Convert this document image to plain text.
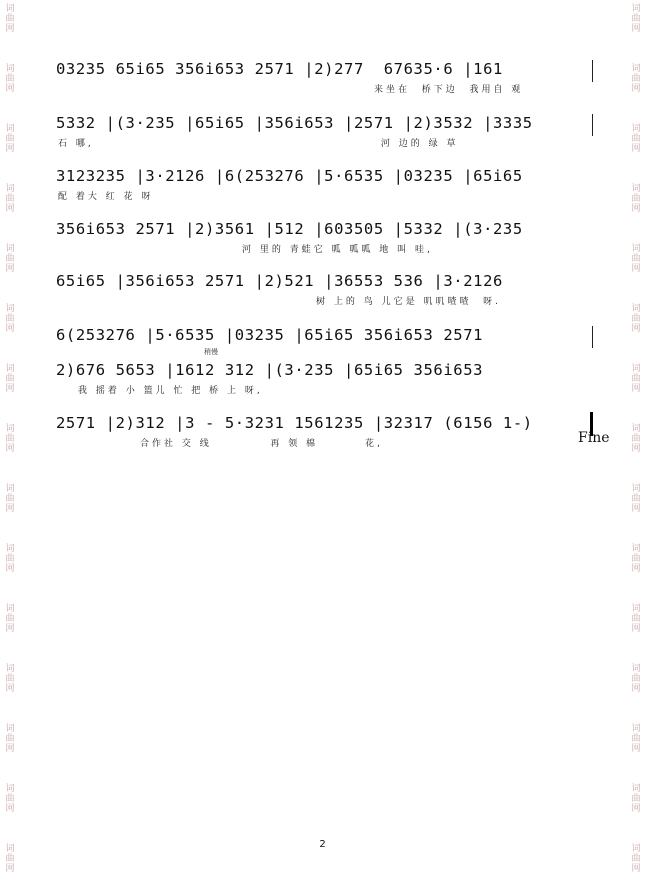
词
曲
网
词
曲
网
词
曲
网
词
曲
网
词
曲
网
词
曲
网
词
曲
网
词
曲
网
词
曲
网
词
曲
网
词
曲
网
词
曲
网
词
曲
网
词
曲
网
词
曲
网
词
曲
网
词
曲
网
词
曲
网
词
曲
网
词
曲
网
词
曲
网
词
曲
网
词
曲
网
词
曲
网
词
曲
网
词
曲
网
词
曲
网
词
曲
网
词
曲
网
词
曲
网
03235 65i65 356i653 2571 |2)277  67635·6 |161
来坐在  桥下边  我用自 观
5332 |(3·235 |65i65 |356i653 |2571 |2)3532 |3335
石 哪,                                                 河 边的 绿 草
3123235 |3·2126 |6(253276 |5·6535 |03235 |65i65
配 着大 红 花 呀
356i653 2571 |2)3561 |512 |603505 |5332 |(3·235
河 里的 青蛙它 呱 呱呱 地 叫 哇,
65i65 |356i653 2571 |2)521 |36553 536 |3·2126
树 上的 鸟 儿它是 叽叽喳喳  呀.
6(253276 |5·6535 |03235 |65i65 356i653 2571
2)676 5653 |1612 312 |(3·235 |65i65 356i653
我 摇着 小 篮儿 忙 把 桥 上 呀,
稍慢
2571 |2)312 |3 - 5·3231 1561235 |32317 (6156 1-)
合作社 交 线          再 领 棉        花,	Fine
2
